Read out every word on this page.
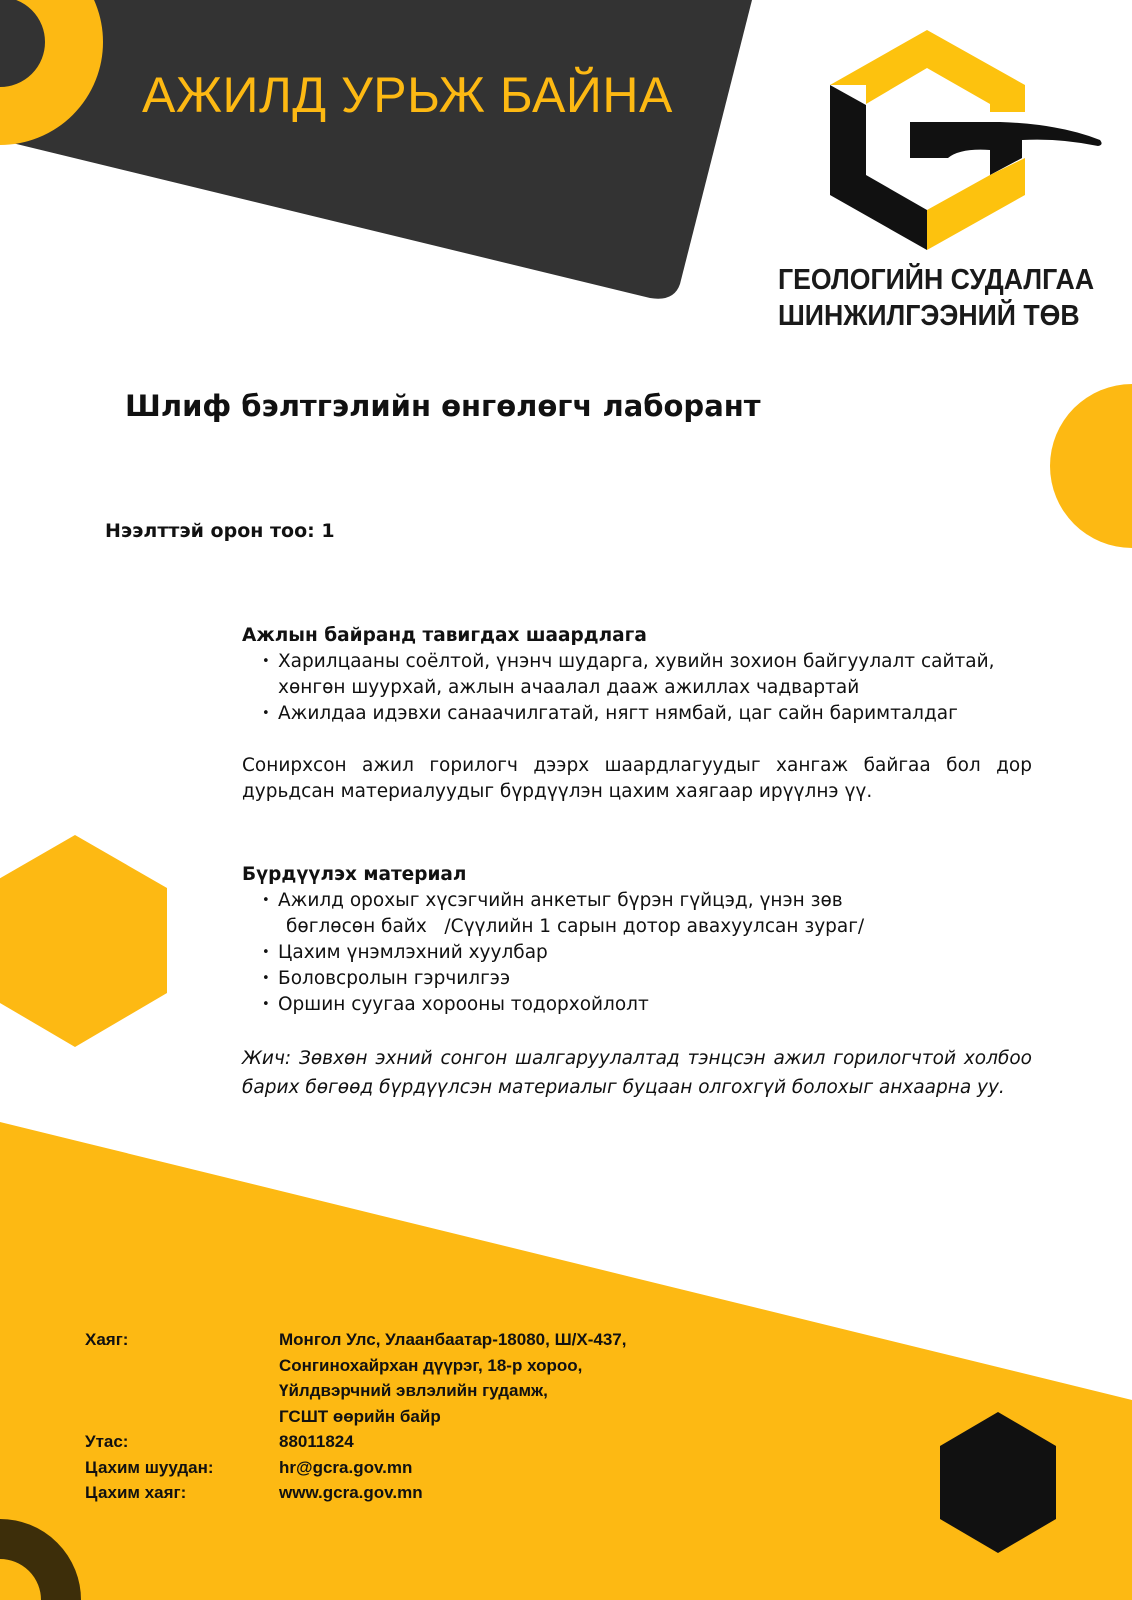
АЖИЛД УРЬЖ БАЙНА
ГЕОЛОГИЙН СУДАЛГАА
ШИНЖИЛГЭЭНИЙ ТӨВ
Шлиф бэлтгэлийн өнгөлөгч лаборант
Нээлттэй орон тоо: 1
Ажлын байранд тавигдах шаардлага
• Харилцааны соёлтой, үнэнч шударга, хувийн зохион байгуулалт сайтай, хөнгөн шуурхай, ажлын ачаалал дааж ажиллах чадвартай
• Ажилдаа идэвхи санаачилгатай, нягт нямбай, цаг сайн баримталдаг

Сонирхсон ажил горилогч дээрх шаардлагуудыг хангаж байгаа бол дор дурьдсан материалуудыг бүрдүүлэн цахим хаягаар ирүүлнэ үү.

Бүрдүүлэх материал
• Ажилд орохыг хүсэгчийн анкетыг бүрэн гүйцэд, үнэн зөв
бөглөсөн байх   /Сүүлийн 1 сарын дотор авахуулсан зураг/
• Цахим үнэмлэхний хуулбар
• Боловсролын гэрчилгээ
• Оршин суугаа хорооны тодорхойлолт

Жич: Зөвхөн эхний сонгон шалгаруулалтад тэнцсэн ажил горилогчтой холбоо барих бөгөөд бүрдүүлсэн материалыг буцаан олгохгүй болохыг анхаарна уу.

Хаяг:	Монгол Улс, Улаанбаатар-18080, Ш/Х-437,
Сонгинохайрхан дүүрэг, 18-р хороо,
Үйлдвэрчний эвлэлийн гудамж,
ГСШТ өөрийн байр
Утас:	88011824
Цахим шуудан:	hr@gcra.gov.mn
Цахим хаяг:	www.gcra.gov.mn
